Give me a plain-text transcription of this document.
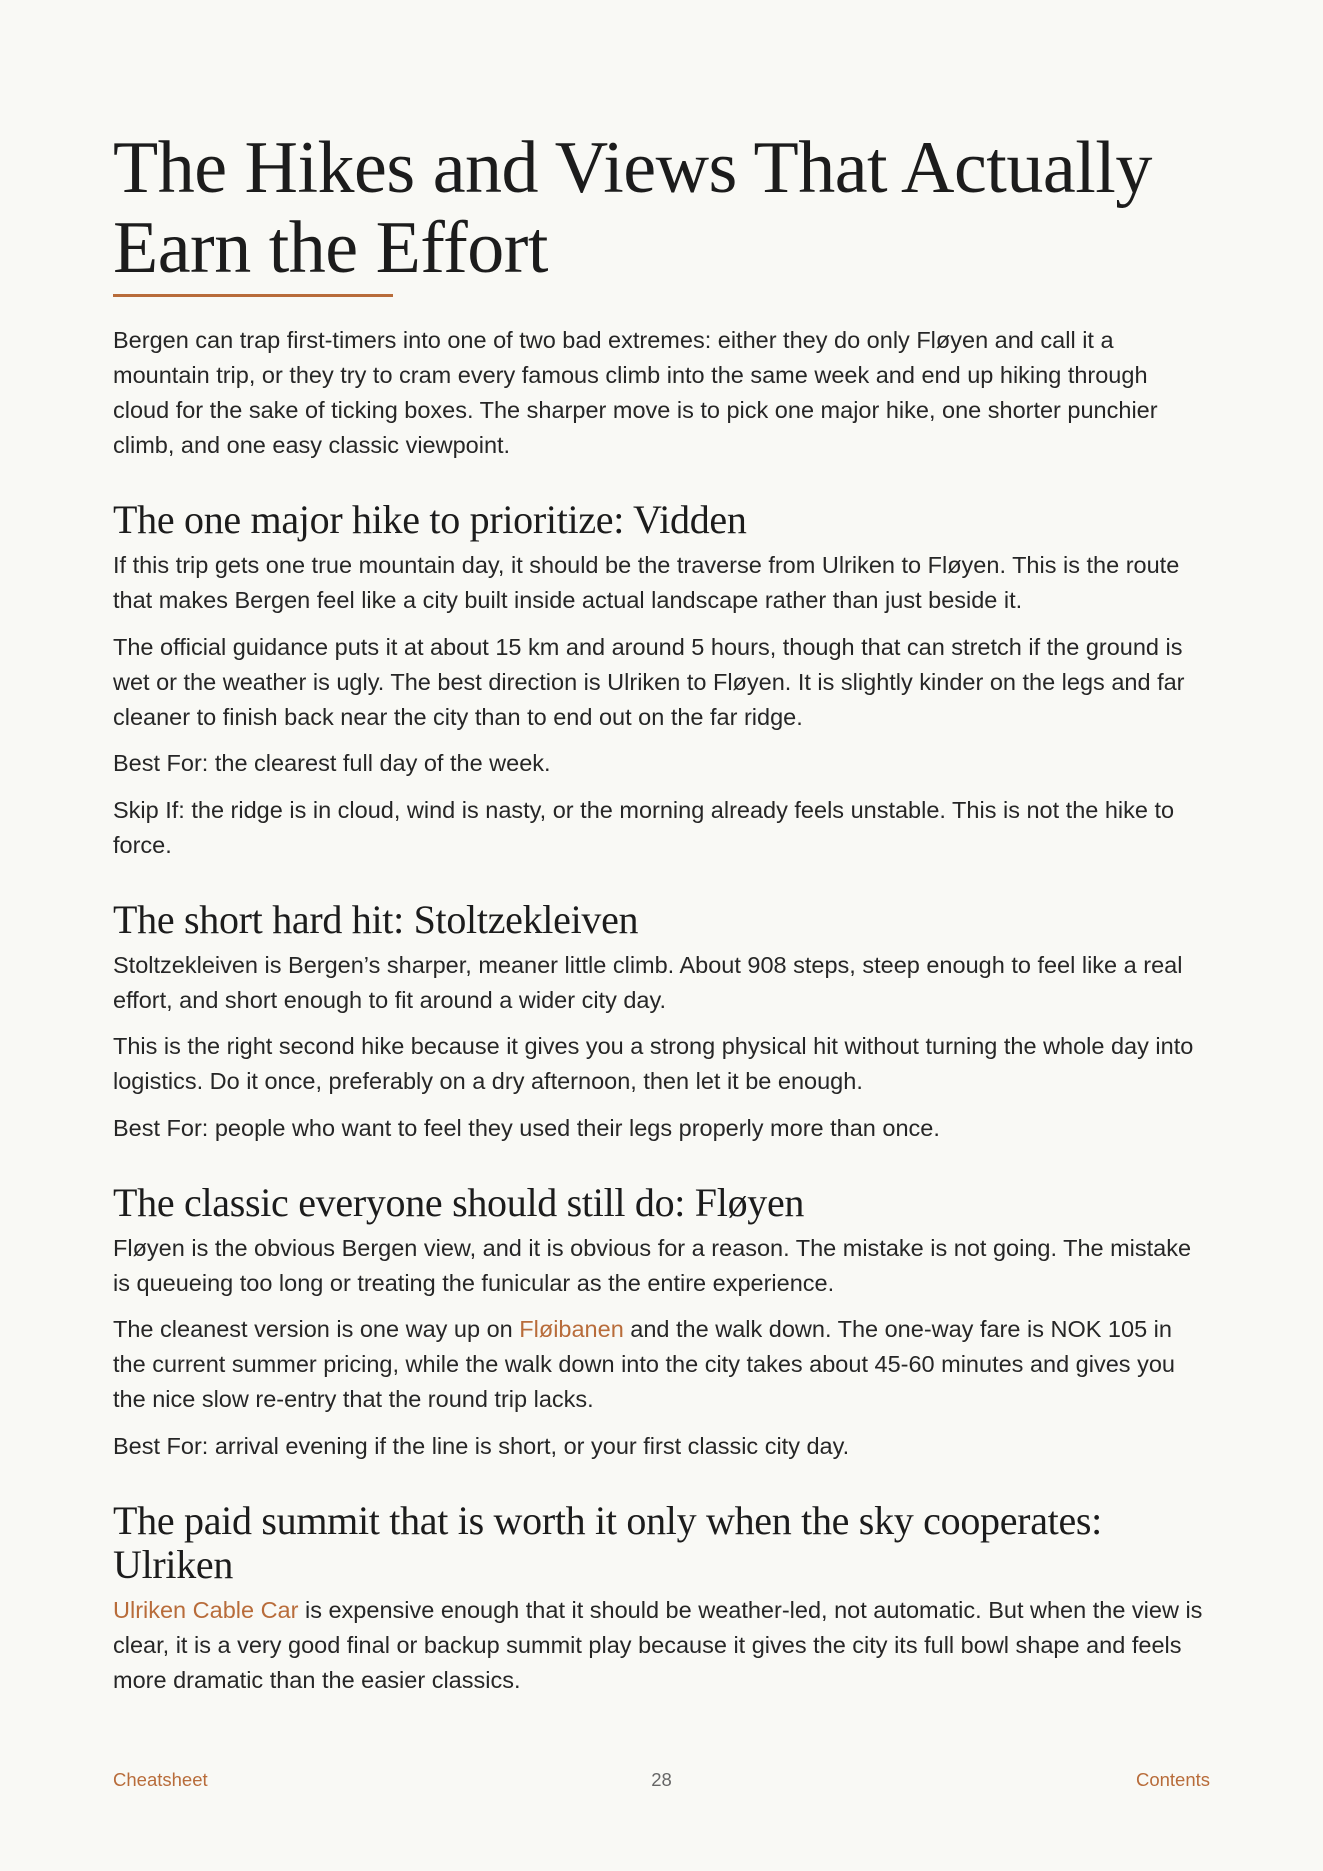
The Hikes and Views That Actually Earn the Effort

Bergen can trap first-timers into one of two bad extremes: either they do only Fløyen and call it a mountain trip, or they try to cram every famous climb into the same week and end up hiking through cloud for the sake of ticking boxes. The sharper move is to pick one major hike, one shorter punchier climb, and one easy classic viewpoint.

The one major hike to prioritize: Vidden

If this trip gets one true mountain day, it should be the traverse from Ulriken to Fløyen. This is the route that makes Bergen feel like a city built inside actual landscape rather than just beside it.

The official guidance puts it at about 15 km and around 5 hours, though that can stretch if the ground is wet or the weather is ugly. The best direction is Ulriken to Fløyen. It is slightly kinder on the legs and far cleaner to finish back near the city than to end out on the far ridge.

Best For: the clearest full day of the week.

Skip If: the ridge is in cloud, wind is nasty, or the morning already feels unstable. This is not the hike to force.

The short hard hit: Stoltzekleiven

Stoltzekleiven is Bergen’s sharper, meaner little climb. About 908 steps, steep enough to feel like a real effort, and short enough to fit around a wider city day.

This is the right second hike because it gives you a strong physical hit without turning the whole day into logistics. Do it once, preferably on a dry afternoon, then let it be enough.

Best For: people who want to feel they used their legs properly more than once.

The classic everyone should still do: Fløyen

Fløyen is the obvious Bergen view, and it is obvious for a reason. The mistake is not going. The mistake is queueing too long or treating the funicular as the entire experience.

The cleanest version is one way up on Fløibanen and the walk down. The one-way fare is NOK 105 in the current summer pricing, while the walk down into the city takes about 45-60 minutes and gives you the nice slow re-entry that the round trip lacks.

Best For: arrival evening if the line is short, or your first classic city day.

The paid summit that is worth it only when the sky cooperates: Ulriken

Ulriken Cable Car is expensive enough that it should be weather-led, not automatic. But when the view is clear, it is a very good final or backup summit play because it gives the city its full bowl shape and feels more dramatic than the easier classics.

28
Cheatsheet	Contents
